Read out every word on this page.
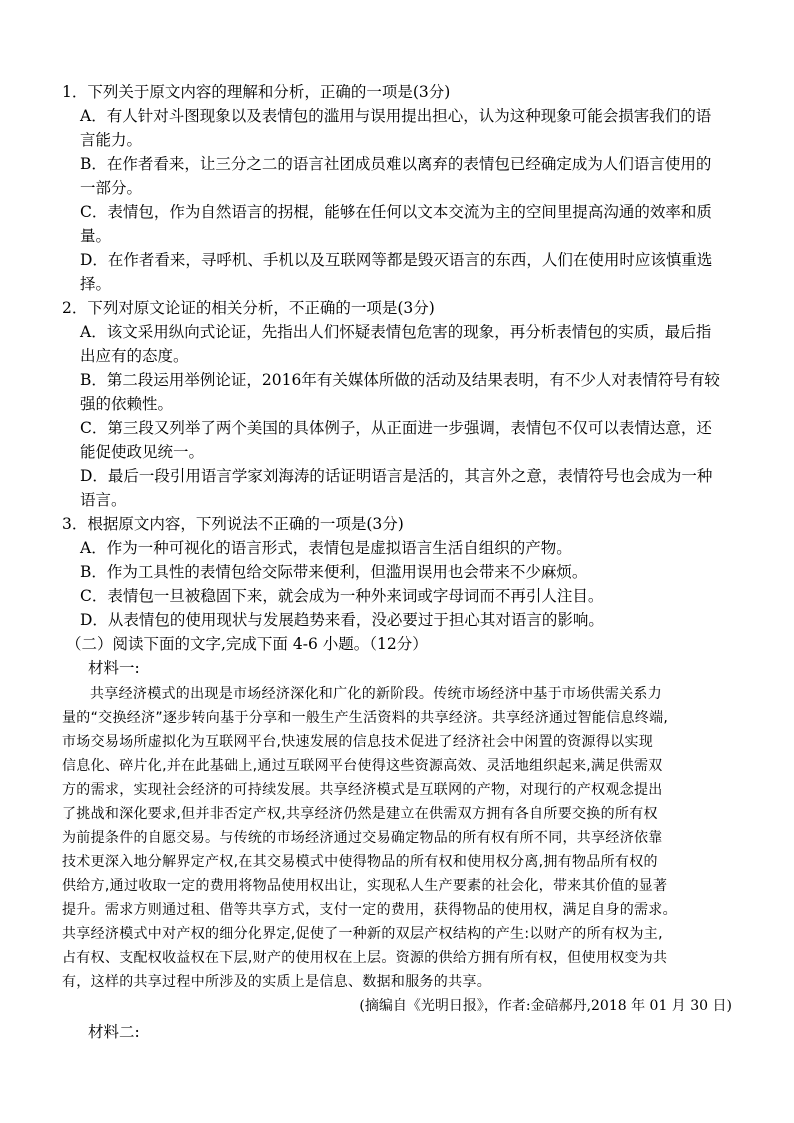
1．下列关于原文内容的理解和分析，正确的一项是(3分)
A．有人针对斗图现象以及表情包的滥用与误用提出担心，认为这种现象可能会损害我们的语
言能力。
B．在作者看来，让三分之二的语言社团成员难以离弃的表情包已经确定成为人们语言使用的
一部分。
C．表情包，作为自然语言的拐棍，能够在任何以文本交流为主的空间里提高沟通的效率和质
量。
D．在作者看来，寻呼机、手机以及互联网等都是毁灭语言的东西，人们在使用时应该慎重选
择。
2．下列对原文论证的相关分析，不正确的一项是(3分)
A．该文采用纵向式论证，先指出人们怀疑表情包危害的现象，再分析表情包的实质，最后指
出应有的态度。
B．第二段运用举例论证，2016年有关媒体所做的活动及结果表明，有不少人对表情符号有较
强的依赖性。
C．第三段又列举了两个美国的具体例子，从正面进一步强调，表情包不仅可以表情达意，还
能促使政见统一。
D．最后一段引用语言学家刘海涛的话证明语言是活的，其言外之意，表情符号也会成为一种
语言。
3．根据原文内容，下列说法不正确的一项是(3分)
A．作为一种可视化的语言形式，表情包是虚拟语言生活自组织的产物。
B．作为工具性的表情包给交际带来便利，但滥用误用也会带来不少麻烦。
C．表情包一旦被稳固下来，就会成为一种外来词或字母词而不再引人注目。
D．从表情包的使用现状与发展趋势来看，没必要过于担心其对语言的影响。
（二）阅读下面的文字,完成下面 4-6 小题。（12分）
材料一:
共享经济模式的出现是市场经济深化和广化的新阶段。传统市场经济中基于市场供需关系力
量的“交换经济”逐步转向基于分享和一般生产生活资料的共享经济。共享经济通过智能信息终端,
市场交易场所虚拟化为互联网平台,快速发展的信息技术促进了经济社会中闲置的资源得以实现
信息化、碎片化,并在此基础上,通过互联网平台使得这些资源高效、灵活地组织起来,满足供需双
方的需求，实现社会经济的可持续发展。共享经济模式是互联网的产物，对现行的产权观念提出
了挑战和深化要求,但并非否定产权,共享经济仍然是建立在供需双方拥有各自所要交换的所有权
为前提条件的自愿交易。与传统的市场经济通过交易确定物品的所有权有所不同，共享经济依靠
技术更深入地分解界定产权,在其交易模式中使得物品的所有权和使用权分离,拥有物品所有权的
供给方,通过收取一定的费用将物品使用权出让，实现私人生产要素的社会化，带来其价值的显著
提升。需求方则通过租、借等共享方式，支付一定的费用，获得物品的使用权，满足自身的需求。
共享经济模式中对产权的细分化界定,促使了一种新的双层产权结构的产生:以财产的所有权为主,
占有权、支配权收益权在下层,财产的使用权在上层。资源的供给方拥有所有权，但使用权变为共
有，这样的共享过程中所涉及的实质上是信息、数据和服务的共享。
(摘编自《光明日报》，作者:金碚郝丹,2018 年 01 月 30 日)
材料二:
